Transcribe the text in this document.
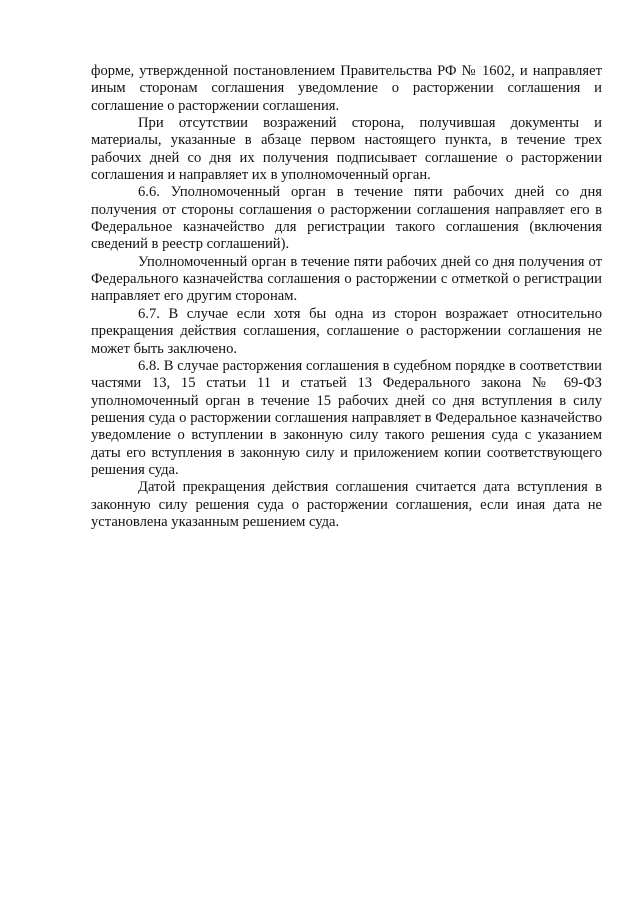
форме, утвержденной постановлением Правительства РФ № 1602, и направляет иным сторонам соглашения уведомление о расторжении соглашения и соглашение о расторжении соглашения.

При отсутствии возражений сторона, получившая документы и материалы, указанные в абзаце первом настоящего пункта, в течение трех рабочих дней со дня их получения подписывает соглашение о расторжении соглашения и направляет их в уполномоченный орган.

6.6. Уполномоченный орган в течение пяти рабочих дней со дня получения от стороны соглашения о расторжении соглашения направляет его в Федеральное казначейство для регистрации такого соглашения (включения сведений в реестр соглашений).

Уполномоченный орган в течение пяти рабочих дней со дня получения от Федерального казначейства соглашения о расторжении с отметкой о регистрации направляет его другим сторонам.

6.7. В случае если хотя бы одна из сторон возражает относительно прекращения действия соглашения, соглашение о расторжении соглашения не может быть заключено.

6.8. В случае расторжения соглашения в судебном порядке в соответствии частями 13, 15 статьи 11 и статьей 13 Федерального закона № 69-ФЗ уполномоченный орган в течение 15 рабочих дней со дня вступления в силу решения суда о расторжении соглашения направляет в Федеральное казначейство уведомление о вступлении в законную силу такого решения суда с указанием даты его вступления в законную силу и приложением копии соответствующего решения суда.

Датой прекращения действия соглашения считается дата вступления в законную силу решения суда о расторжении соглашения, если иная дата не установлена указанным решением суда.
